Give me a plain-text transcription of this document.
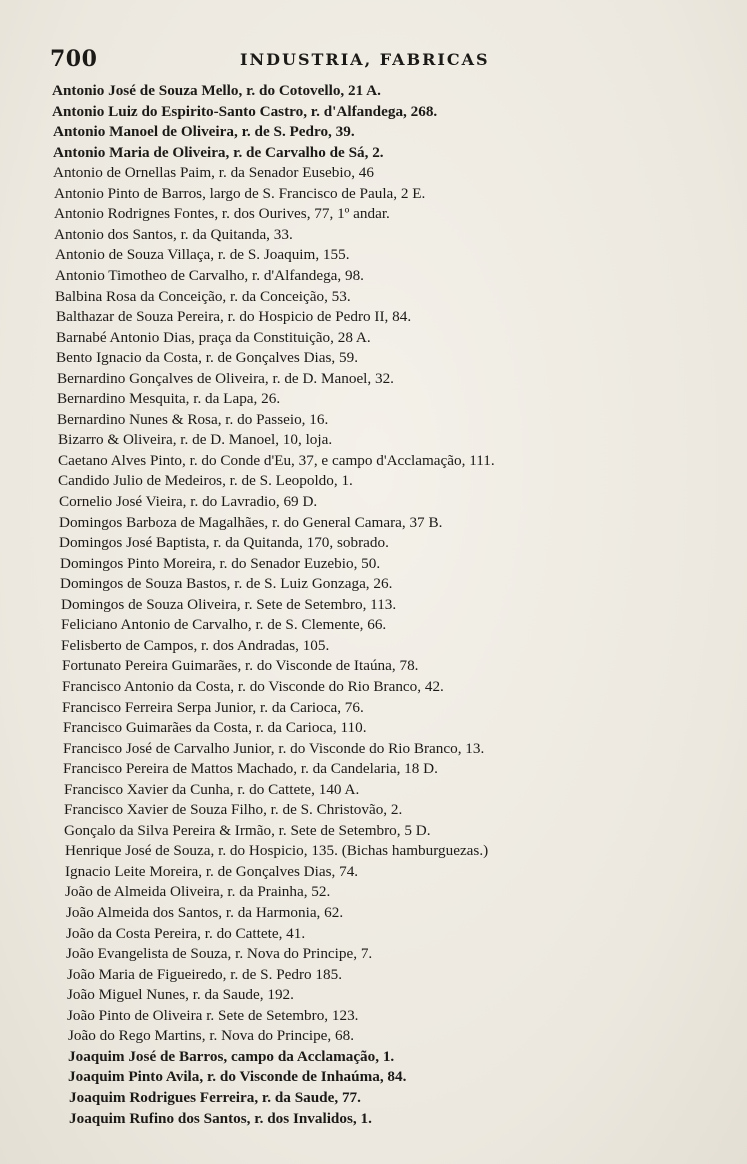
700	INDUSTRIA, FABRICAS
Antonio José de Souza Mello, r. do Cotovello, 21 A.
Antonio Luiz do Espirito-Santo Castro, r. d'Alfandega, 268.
Antonio Manoel de Oliveira, r. de S. Pedro, 39.
Antonio Maria de Oliveira, r. de Carvalho de Sá, 2.
Antonio de Ornellas Paim, r. da Senador Eusebio, 46
Antonio Pinto de Barros, largo de S. Francisco de Paula, 2 E.
Antonio Rodrignes Fontes, r. dos Ourives, 77, 1º andar.
Antonio dos Santos, r. da Quitanda, 33.
Antonio de Souza Villaça, r. de S. Joaquim, 155.
Antonio Timotheo de Carvalho, r. d'Alfandega, 98.
Balbina Rosa da Conceição, r. da Conceição, 53.
Balthazar de Souza Pereira, r. do Hospicio de Pedro II, 84.
Barnabé Antonio Dias, praça da Constituição, 28 A.
Bento Ignacio da Costa, r. de Gonçalves Dias, 59.
Bernardino Gonçalves de Oliveira, r. de D. Manoel, 32.
Bernardino Mesquita, r. da Lapa, 26.
Bernardino Nunes & Rosa, r. do Passeio, 16.
Bizarro & Oliveira, r. de D. Manoel, 10, loja.
Caetano Alves Pinto, r. do Conde d'Eu, 37, e campo d'Acclamação, 111.
Candido Julio de Medeiros, r. de S. Leopoldo, 1.
Cornelio José Vieira, r. do Lavradio, 69 D.
Domingos Barboza de Magalhães, r. do General Camara, 37 B.
Domingos José Baptista, r. da Quitanda, 170, sobrado.
Domingos Pinto Moreira, r. do Senador Euzebio, 50.
Domingos de Souza Bastos, r. de S. Luiz Gonzaga, 26.
Domingos de Souza Oliveira, r. Sete de Setembro, 113.
Feliciano Antonio de Carvalho, r. de S. Clemente, 66.
Felisberto de Campos, r. dos Andradas, 105.
Fortunato Pereira Guimarães, r. do Visconde de Itaúna, 78.
Francisco Antonio da Costa, r. do Visconde do Rio Branco, 42.
Francisco Ferreira Serpa Junior, r. da Carioca, 76.
Francisco Guimarães da Costa, r. da Carioca, 110.
Francisco José de Carvalho Junior, r. do Visconde do Rio Branco, 13.
Francisco Pereira de Mattos Machado, r. da Candelaria, 18 D.
Francisco Xavier da Cunha, r. do Cattete, 140 A.
Francisco Xavier de Souza Filho, r. de S. Christovão, 2.
Gonçalo da Silva Pereira & Irmão, r. Sete de Setembro, 5 D.
Henrique José de Souza, r. do Hospicio, 135. (Bichas hamburguezas.)
Ignacio Leite Moreira, r. de Gonçalves Dias, 74.
João de Almeida Oliveira, r. da Prainha, 52.
João Almeida dos Santos, r. da Harmonia, 62.
João da Costa Pereira, r. do Cattete, 41.
João Evangelista de Souza, r. Nova do Principe, 7.
João Maria de Figueiredo, r. de S. Pedro 185.
João Miguel Nunes, r. da Saude, 192.
João Pinto de Oliveira r. Sete de Setembro, 123.
João do Rego Martins, r. Nova do Principe, 68.
Joaquim José de Barros, campo da Acclamação, 1.
Joaquim Pinto Avila, r. do Visconde de Inhaúma, 84.
Joaquim Rodrigues Ferreira, r. da Saude, 77.
Joaquim Rufino dos Santos, r. dos Invalidos, 1.
